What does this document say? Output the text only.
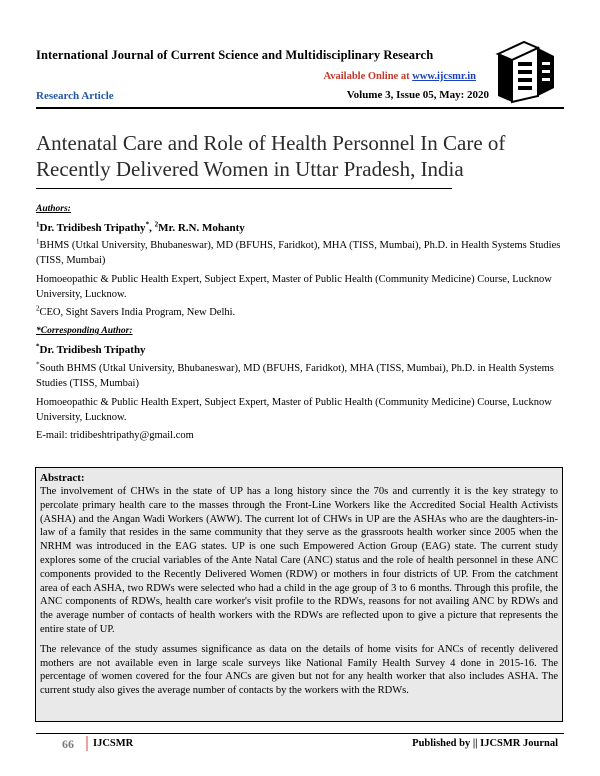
International Journal of Current Science and Multidisciplinary Research
Available Online at www.ijcsmr.in
Research Article	Volume 3, Issue 05, May: 2020
Antenatal Care and Role of Health Personnel In Care of Recently Delivered Women in Uttar Pradesh, India
Authors:
$^1$Dr. Tridibesh Tripathy*, $^2$Mr. R.N. Mohanty
$^1$BHMS (Utkal University, Bhubaneswar), MD (BFUHS, Faridkot), MHA (TISS, Mumbai), Ph.D. in Health Systems Studies (TISS, Mumbai)
Homoeopathic & Public Health Expert, Subject Expert, Master of Public Health (Community Medicine) Course, Lucknow University, Lucknow.
$^2$CEO, Sight Savers India Program, New Delhi.
*Corresponding Author:
*Dr. Tridibesh Tripathy
*South BHMS (Utkal University, Bhubaneswar), MD (BFUHS, Faridkot), MHA (TISS, Mumbai), Ph.D. in Health Systems Studies (TISS, Mumbai)
Homoeopathic & Public Health Expert, Subject Expert, Master of Public Health (Community Medicine) Course, Lucknow University, Lucknow.
E-mail: tridibeshtripathy@gmail.com
Abstract:

The involvement of CHWs in the state of UP has a long history since the 70s and currently it is the key strategy to percolate primary health care to the masses through the Front-Line Workers like the Accredited Social Health Activists (ASHA) and the Angan Wadi Workers (AWW). The current lot of CHWs in UP are the ASHAs who are the daughters-in-law of a family that resides in the same community that they serve as the grassroots health worker since 2005 when the NRHM was introduced in the EAG states. UP is one such Empowered Action Group (EAG) state. The current study explores some of the crucial variables of the Ante Natal Care (ANC) status and the role of health personnel in these ANC components provided to the Recently Delivered Women (RDW) or mothers in four districts of UP. From the catchment area of each ASHA, two RDWs were selected who had a child in the age group of 3 to 6 months. Through this profile, the ANC components of RDWs, health care worker's visit profile to the RDWs, reasons for not availing ANC by RDWs and the average number of contacts of health workers with the RDWs are reflected upon to give a picture that represents the entire state of UP.

The relevance of the study assumes significance as data on the details of home visits for ANCs of recently delivered mothers are not available even in large scale surveys like National Family Health Survey 4 done in 2015-16. The percentage of women covered for the four ANCs are given but not for any health worker that also includes ASHA. The current study also gives the average number of contacts by the workers with the RDWs.

66 IJCSMR	Published by || IJCSMR Journal
